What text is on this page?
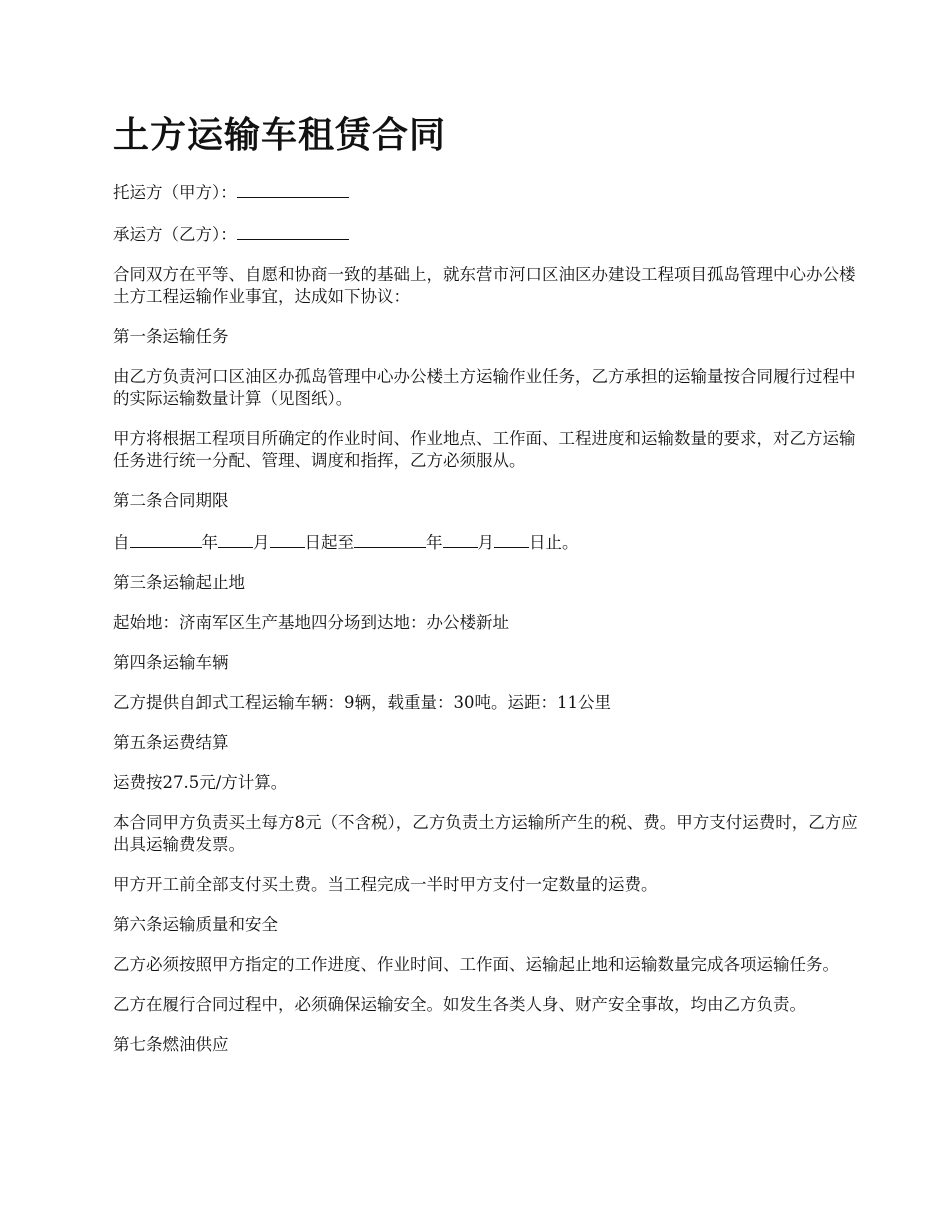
土方运输车租赁合同

托运方（甲方）：

承运方（乙方）：

合同双方在平等、自愿和协商一致的基础上，就东营市河口区油区办建设工程项目孤岛管理中心办公楼土方工程运输作业事宜，达成如下协议：

第一条运输任务

由乙方负责河口区油区办孤岛管理中心办公楼土方运输作业任务，乙方承担的运输量按合同履行过程中的实际运输数量计算（见图纸）。

甲方将根据工程项目所确定的作业时间、作业地点、工作面、工程进度和运输数量的要求，对乙方运输任务进行统一分配、管理、调度和指挥，乙方必须服从。

第二条合同期限

自	年 月 日起至	年 月 日止。

第三条运输起止地

起始地：济南军区生产基地四分场到达地：办公楼新址

第四条运输车辆

乙方提供自卸式工程运输车辆：9辆，载重量：30吨。运距：11公里

第五条运费结算

运费按27.5元/方计算。

本合同甲方负责买土每方8元（不含税），乙方负责土方运输所产生的税、费。甲方支付运费时，乙方应出具运输费发票。

甲方开工前全部支付买土费。当工程完成一半时甲方支付一定数量的运费。

第六条运输质量和安全

乙方必须按照甲方指定的工作进度、作业时间、工作面、运输起止地和运输数量完成各项运输任务。

乙方在履行合同过程中，必须确保运输安全。如发生各类人身、财产安全事故，均由乙方负责。

第七条燃油供应
